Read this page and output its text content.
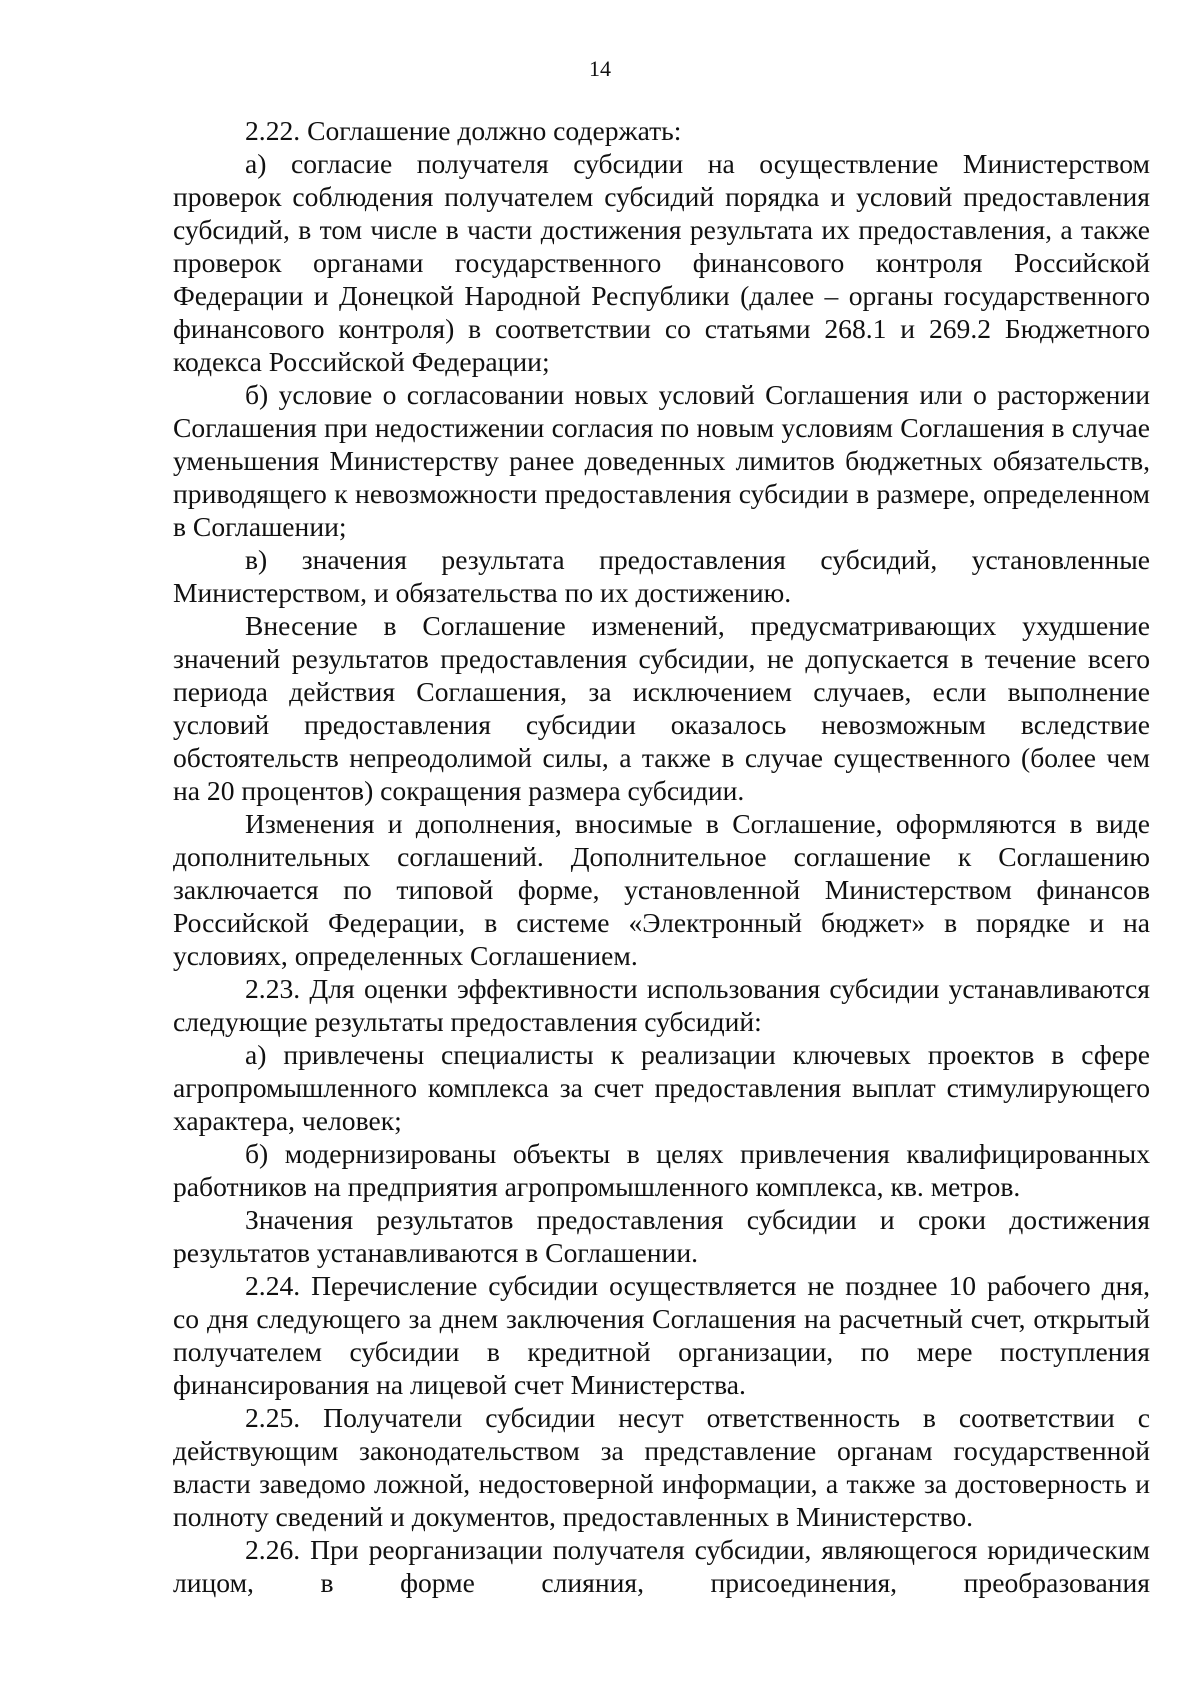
14

2.22. Соглашение должно содержать:

а) согласие получателя субсидии на осуществление Министерством проверок соблюдения получателем субсидий порядка и условий предоставления субсидий, в том числе в части достижения результата их предоставления, а также проверок органами государственного финансового контроля Российской Федерации и Донецкой Народной Республики (далее – органы государственного финансового контроля) в соответствии со статьями 268.1 и 269.2 Бюджетного кодекса Российской Федерации;

б) условие о согласовании новых условий Соглашения или о расторжении Соглашения при недостижении согласия по новым условиям Соглашения в случае уменьшения Министерству ранее доведенных лимитов бюджетных обязательств, приводящего к невозможности предоставления субсидии в размере, определенном в Соглашении;

в) значения результата предоставления субсидий, установленные Министерством, и обязательства по их достижению.

Внесение в Соглашение изменений, предусматривающих ухудшение значений результатов предоставления субсидии, не допускается в течение всего периода действия Соглашения, за исключением случаев, если выполнение условий предоставления субсидии оказалось невозможным вследствие обстоятельств непреодолимой силы, а также в случае существенного (более чем на 20 процентов) сокращения размера субсидии.

Изменения и дополнения, вносимые в Соглашение, оформляются в виде дополнительных соглашений. Дополнительное соглашение к Соглашению заключается по типовой форме, установленной Министерством финансов Российской Федерации, в системе «Электронный бюджет» в порядке и на условиях, определенных Соглашением.

2.23. Для оценки эффективности использования субсидии устанавливаются следующие результаты предоставления субсидий:

а) привлечены специалисты к реализации ключевых проектов в сфере агропромышленного комплекса за счет предоставления выплат стимулирующего характера, человек;

б) модернизированы объекты в целях привлечения квалифицированных работников на предприятия агропромышленного комплекса, кв. метров.

Значения результатов предоставления субсидии и сроки достижения результатов устанавливаются в Соглашении.

2.24. Перечисление субсидии осуществляется не позднее 10 рабочего дня, со дня следующего за днем заключения Соглашения на расчетный счет, открытый получателем субсидии в кредитной организации, по мере поступления финансирования на лицевой счет Министерства.

2.25. Получатели субсидии несут ответственность в соответствии с действующим законодательством за представление органам государственной власти заведомо ложной, недостоверной информации, а также за достоверность и полноту сведений и документов, предоставленных в Министерство.

2.26. При реорганизации получателя субсидии, являющегося юридическим лицом, в форме слияния, присоединения, преобразования
